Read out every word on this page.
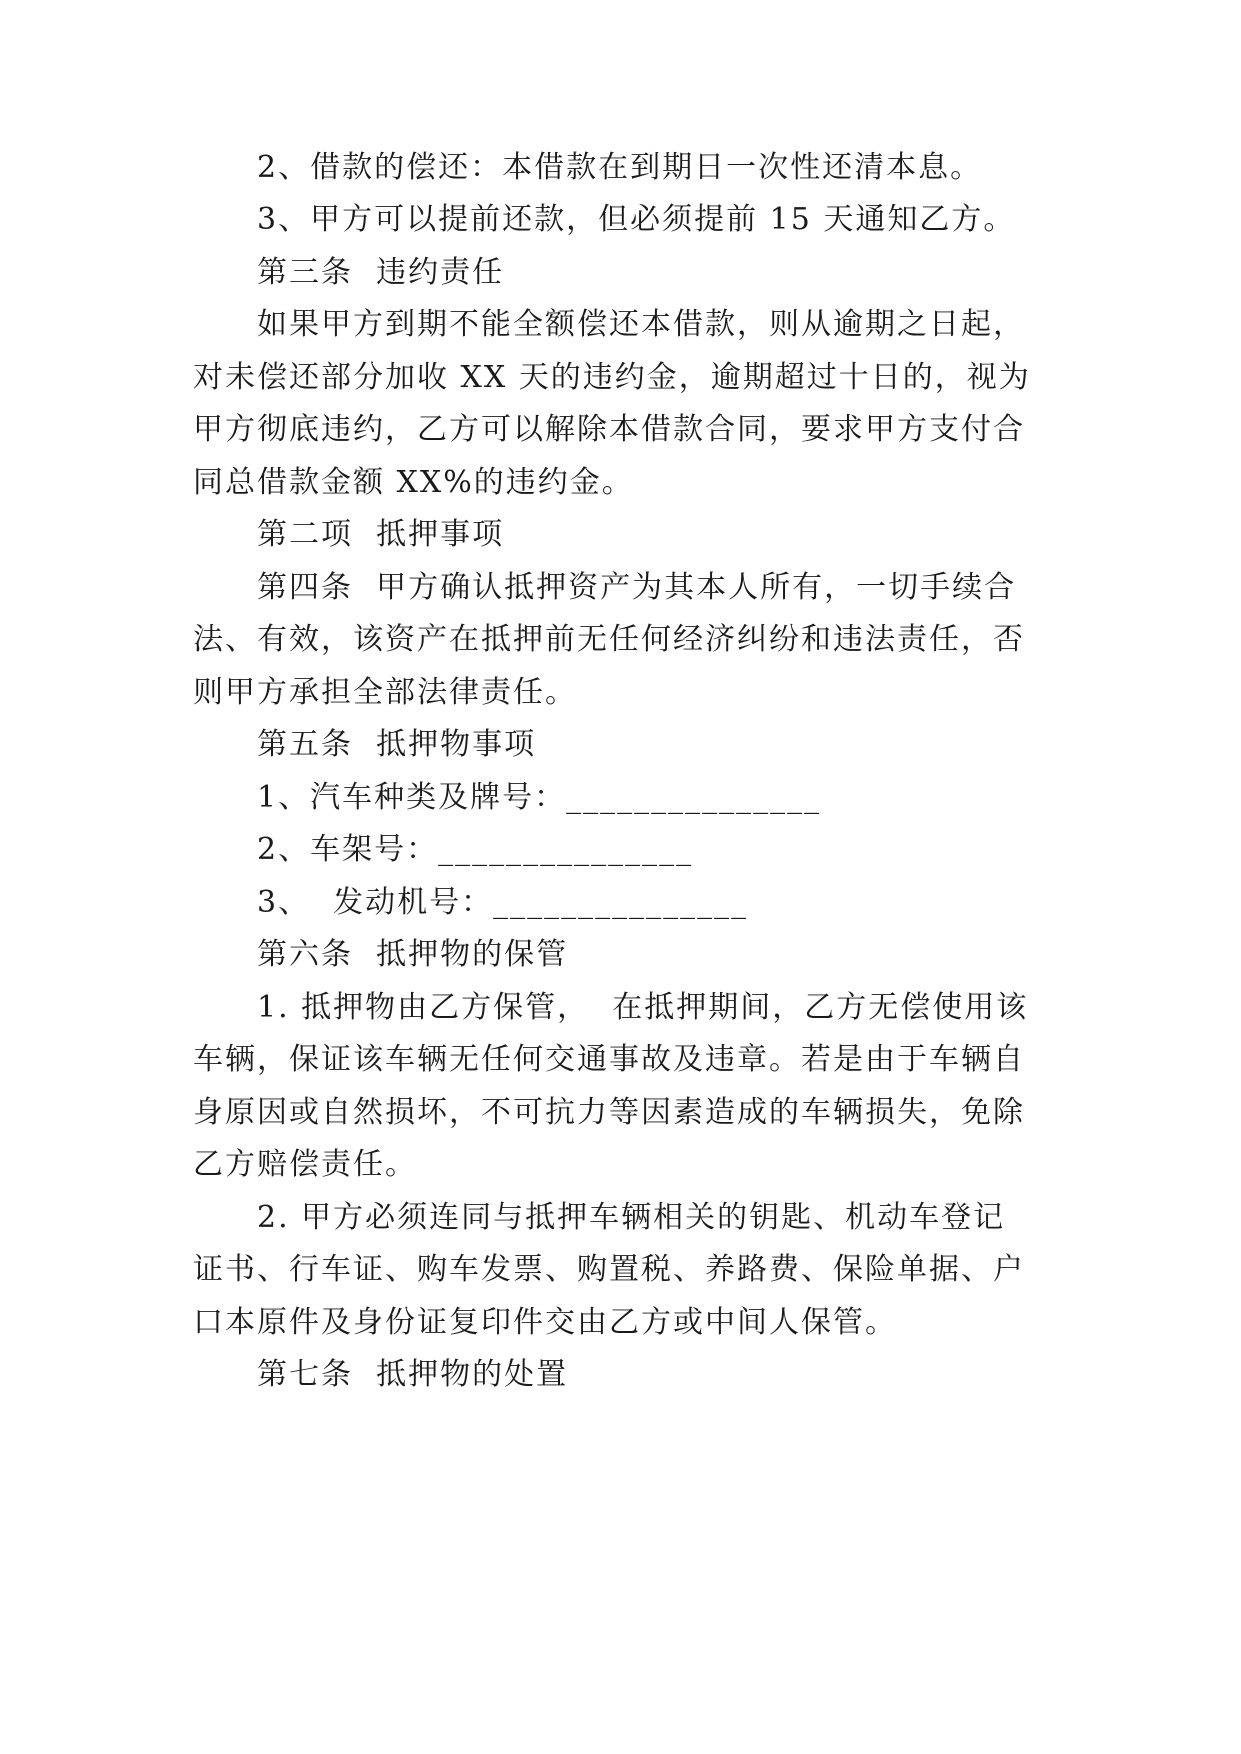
2、借款的偿还：本借款在到期日一次性还清本息。
3、甲方可以提前还款，但必须提前 15 天通知乙方。
第三条  违约责任
如果甲方到期不能全额偿还本借款，则从逾期之日起，
对未偿还部分加收 XX 天的违约金，逾期超过十日的，视为
甲方彻底违约，乙方可以解除本借款合同，要求甲方支付合
同总借款金额 XX%的违约金。
第二项  抵押事项
第四条  甲方确认抵押资产为其本人所有，一切手续合
法、有效，该资产在抵押前无任何经济纠纷和违法责任，否
则甲方承担全部法律责任。
第五条  抵押物事项
1、汽车种类及牌号：_______________
2、车架号：_______________
3、  发动机号：_______________
第六条  抵押物的保管
1. 抵押物由乙方保管，  在抵押期间，乙方无偿使用该
车辆，保证该车辆无任何交通事故及违章。若是由于车辆自
身原因或自然损坏，不可抗力等因素造成的车辆损失，免除
乙方赔偿责任。
2. 甲方必须连同与抵押车辆相关的钥匙、机动车登记
证书、行车证、购车发票、购置税、养路费、保险单据、户
口本原件及身份证复印件交由乙方或中间人保管。
第七条  抵押物的处置
